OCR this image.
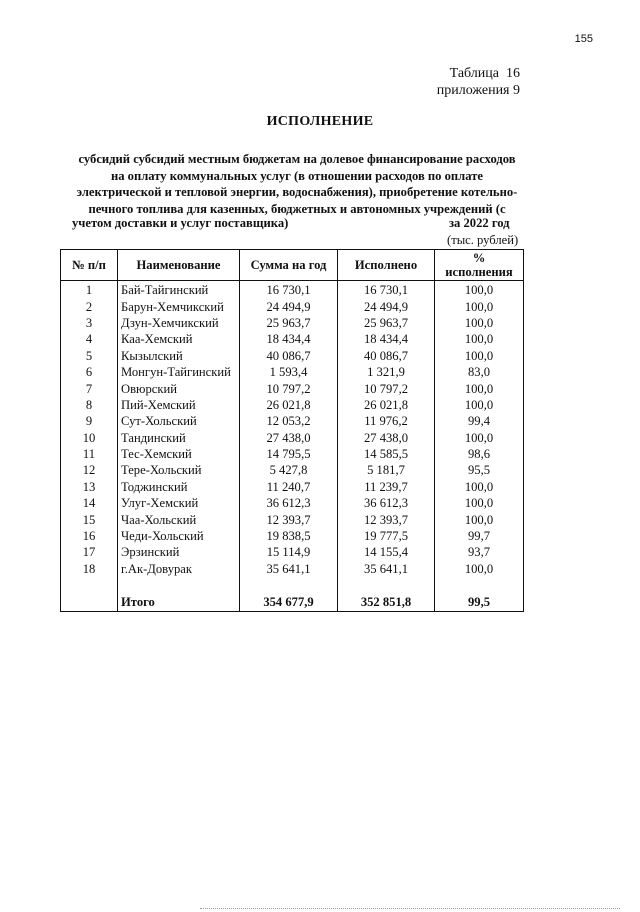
155
Таблица  16
приложения 9
ИСПОЛНЕНИЕ
субсидий субсидий местным бюджетам на долевое финансирование расходов
на оплату коммунальных услуг (в отношении расходов по оплате
электрической и тепловой энергии, водоснабжения), приобретение котельно-
печного топлива для казенных, бюджетных и автономных учреждений (с
учетом доставки и услуг поставщика)	за 2022 год
(тыс. рублей)
№ п/п	Наименование	Сумма на год	Исполнено	%
исполнения

1	Бай-Тайгинский	16 730,1	16 730,1	100,0
2	Барун-Хемчикский	24 494,9	24 494,9	100,0
3	Дзун-Хемчикский	25 963,7	25 963,7	100,0
4	Каа-Хемский	18 434,4	18 434,4	100,0
5	Кызылский	40 086,7	40 086,7	100,0
6	Монгун-Тайгинский	1 593,4	1 321,9	83,0
7	Овюрский	10 797,2	10 797,2	100,0
8	Пий-Хемский	26 021,8	26 021,8	100,0
9	Сут-Хольский	12 053,2	11 976,2	99,4
10	Тандинский	27 438,0	27 438,0	100,0
11	Тес-Хемский	14 795,5	14 585,5	98,6
12	Тере-Хольский	5 427,8	5 181,7	95,5
13	Тоджинский	11 240,7	11 239,7	100,0
14	Улуг-Хемский	36 612,3	36 612,3	100,0
15	Чаа-Хольский	12 393,7	12 393,7	100,0
16	Чеди-Хольский	19 838,5	19 777,5	99,7
17	Эрзинский	15 114,9	14 155,4	93,7
18	г.Ак-Довурак	35 641,1	35 641,1	100,0

	Итого	354 677,9	352 851,8	99,5
